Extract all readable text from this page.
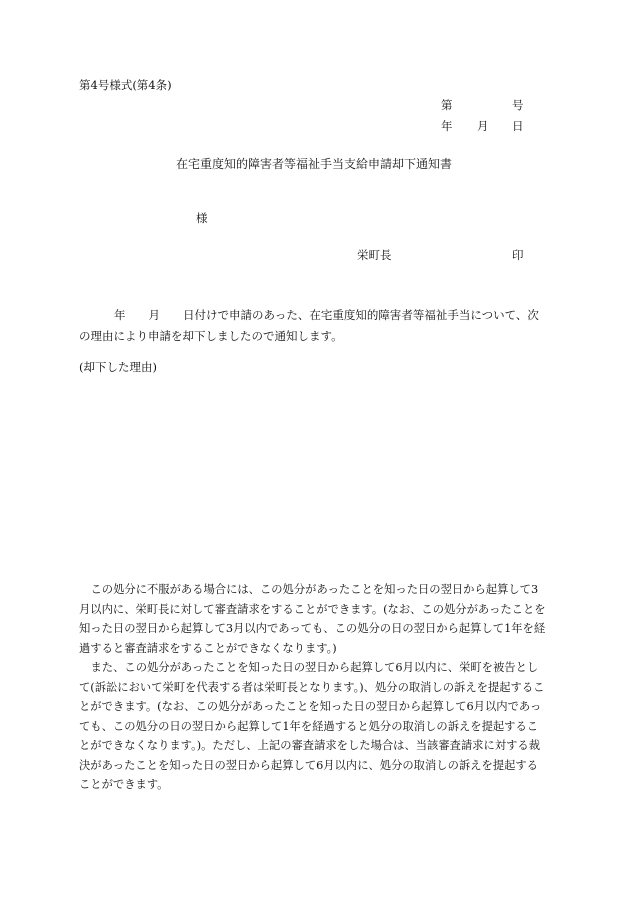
第4号様式(第4条)
第	号
年 月 日
在宅重度知的障害者等福祉手当支給申請却下通知書
様
栄町長	印
年 月 日付けで申請のあった、在宅重度知的障害者等福祉手当について、次の理由により申請を却下しましたので通知します。
(却下した理由)
この処分に不服がある場合には、この処分があったことを知った日の翌日から起算して3月以内に、栄町長に対して審査請求をすることができます。(なお、この処分があったことを知った日の翌日から起算して3月以内であっても、この処分の日の翌日から起算して1年を経過すると審査請求をすることができなくなります。)
また、この処分があったことを知った日の翌日から起算して6月以内に、栄町を被告として(訴訟において栄町を代表する者は栄町長となります。)、処分の取消しの訴えを提起することができます。(なお、この処分があったことを知った日の翌日から起算して6月以内であっても、この処分の日の翌日から起算して1年を経過すると処分の取消しの訴えを提起することができなくなります。)。ただし、上記の審査請求をした場合は、当該審査請求に対する裁決があったことを知った日の翌日から起算して6月以内に、処分の取消しの訴えを提起することができます。
